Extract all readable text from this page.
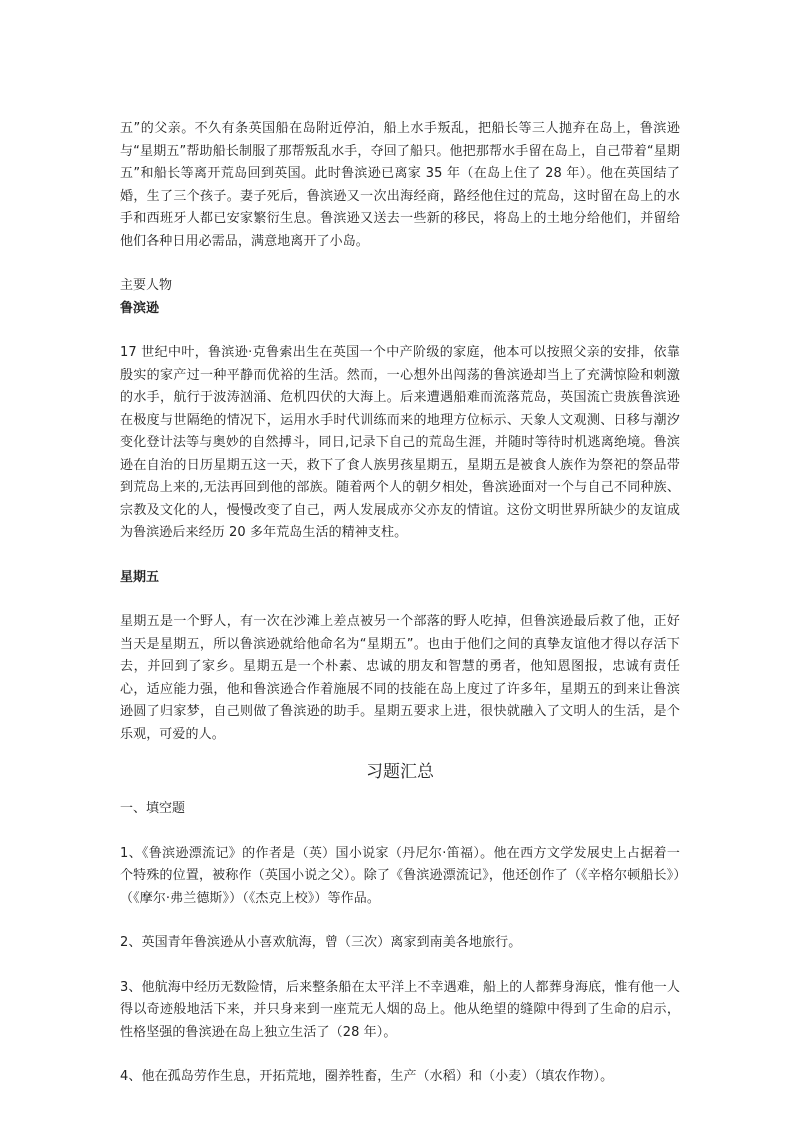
五”的父亲。不久有条英国船在岛附近停泊，船上水手叛乱，把船长等三人抛弃在岛上，鲁滨逊与“星期五”帮助船长制服了那帮叛乱水手，夺回了船只。他把那帮水手留在岛上，自己带着“星期五”和船长等离开荒岛回到英国。此时鲁滨逊已离家 35 年（在岛上住了 28 年）。他在英国结了婚，生了三个孩子。妻子死后，鲁滨逊又一次出海经商，路经他住过的荒岛，这时留在岛上的水手和西班牙人都已安家繁衍生息。鲁滨逊又送去一些新的移民，将岛上的土地分给他们，并留给他们各种日用必需品，满意地离开了小岛。

主要人物
鲁滨逊

17 世纪中叶，鲁滨逊·克鲁索出生在英国一个中产阶级的家庭，他本可以按照父亲的安排，依靠殷实的家产过一种平静而优裕的生活。然而，一心想外出闯荡的鲁滨逊却当上了充满惊险和刺激的水手，航行于波涛汹涌、危机四伏的大海上。后来遭遇船难而流落荒岛，英国流亡贵族鲁滨逊在极度与世隔绝的情况下，运用水手时代训练而来的地理方位标示、天象人文观测、日移与潮汐变化登计法等与奥妙的自然搏斗，同日,记录下自己的荒岛生涯，并随时等待时机逃离绝境。鲁滨逊在自治的日历星期五这一天，救下了食人族男孩星期五，星期五是被食人族作为祭祀的祭品带到荒岛上来的,无法再回到他的部族。随着两个人的朝夕相处，鲁滨逊面对一个与自己不同种族、宗教及文化的人，慢慢改变了自己，两人发展成亦父亦友的情谊。这份文明世界所缺少的友谊成为鲁滨逊后来经历 20 多年荒岛生活的精神支柱。

星期五

星期五是一个野人，有一次在沙滩上差点被另一个部落的野人吃掉，但鲁滨逊最后救了他，正好当天是星期五，所以鲁滨逊就给他命名为“星期五”。也由于他们之间的真挚友谊他才得以存活下去，并回到了家乡。星期五是一个朴素、忠诚的朋友和智慧的勇者，他知恩图报，忠诚有责任心，适应能力强，他和鲁滨逊合作着施展不同的技能在岛上度过了许多年，星期五的到来让鲁滨逊圆了归家梦，自己则做了鲁滨逊的助手。星期五要求上进，很快就融入了文明人的生活，是个乐观，可爱的人。

习题汇总
一、填空题

1、《鲁滨逊漂流记》的作者是（英）国小说家（丹尼尔·笛福）。他在西方文学发展史上占据着一个特殊的位置，被称作（英国小说之父）。除了《鲁滨逊漂流记》，他还创作了（《辛格尔顿船长》）（《摩尔·弗兰德斯》）（《杰克上校》）等作品。

2、英国青年鲁滨逊从小喜欢航海，曾（三次）离家到南美各地旅行。

3、他航海中经历无数险情，后来整条船在太平洋上不幸遇难，船上的人都葬身海底，惟有他一人得以奇迹般地活下来，并只身来到一座荒无人烟的岛上。他从绝望的缝隙中得到了生命的启示，性格坚强的鲁滨逊在岛上独立生活了（28 年）。

4、他在孤岛劳作生息，开拓荒地，圈养牲畜，生产（水稻）和（小麦）（填农作物）。
